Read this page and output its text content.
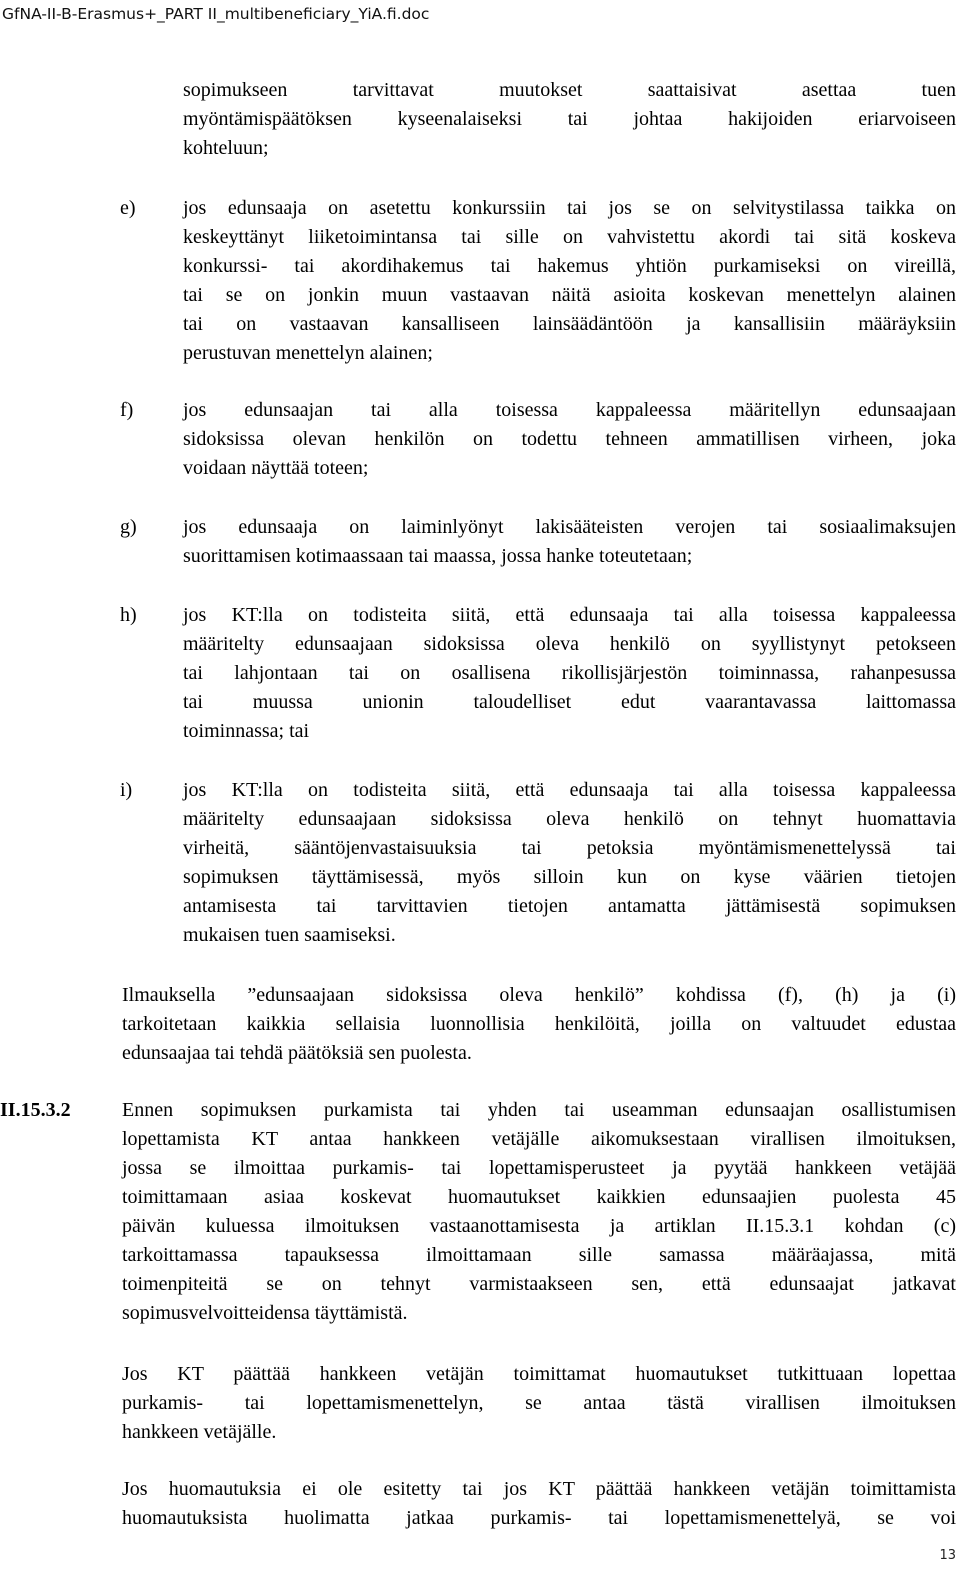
GfNA-II-B-Erasmus+_PART II_multibeneficiary_YiA.fi.doc
sopimukseen tarvittavat muutokset saattaisivat asettaa tuen
myöntämispäätöksen kyseenalaiseksi tai johtaa hakijoiden eriarvoiseen
kohteluun;
e) jos edunsaaja on asetettu konkurssiin tai jos se on selvitystilassa taikka on
keskeyttänyt liiketoimintansa tai sille on vahvistettu akordi tai sitä koskeva
konkurssi- tai akordihakemus tai hakemus yhtiön purkamiseksi on vireillä,
tai se on jonkin muun vastaavan näitä asioita koskevan menettelyn alainen
tai on vastaavan kansalliseen lainsäädäntöön ja kansallisiin määräyksiin
perustuvan menettelyn alainen;
f) jos edunsaajan tai alla toisessa kappaleessa määritellyn edunsaajaan
sidoksissa olevan henkilön on todettu tehneen ammatillisen virheen, joka
voidaan näyttää toteen;
g) jos edunsaaja on laiminlyönyt lakisääteisten verojen tai sosiaalimaksujen
suorittamisen kotimaassaan tai maassa, jossa hanke toteutetaan;
h) jos KT:lla on todisteita siitä, että edunsaaja tai alla toisessa kappaleessa
määritelty edunsaajaan sidoksissa oleva henkilö on syyllistynyt petokseen
tai lahjontaan tai on osallisena rikollisjärjestön toiminnassa, rahanpesussa
tai muussa unionin taloudelliset edut vaarantavassa laittomassa
toiminnassa; tai
i)	jos KT:lla on todisteita siitä, että edunsaaja tai alla toisessa kappaleessa
määritelty edunsaajaan sidoksissa oleva henkilö on tehnyt huomattavia
virheitä, sääntöjenvastaisuuksia tai petoksia myöntämismenettelyssä tai
sopimuksen täyttämisessä, myös silloin kun on kyse väärien tietojen
antamisesta tai tarvittavien tietojen antamatta jättämisestä sopimuksen
mukaisen tuen saamiseksi.
Ilmauksella ”edunsaajaan sidoksissa oleva henkilö” kohdissa (f), (h) ja (i)
tarkoitetaan kaikkia sellaisia luonnollisia henkilöitä, joilla on valtuudet edustaa
edunsaajaa tai tehdä päätöksiä sen puolesta.
II.15.3.2	Ennen sopimuksen purkamista tai yhden tai useamman edunsaajan osallistumisen
lopettamista KT antaa hankkeen vetäjälle aikomuksestaan virallisen ilmoituksen,
jossa se ilmoittaa purkamis- tai lopettamisperusteet ja pyytää hankkeen vetäjää
toimittamaan asiaa koskevat huomautukset kaikkien edunsaajien puolesta 45
päivän kuluessa ilmoituksen vastaanottamisesta ja artiklan II.15.3.1 kohdan (c)
tarkoittamassa tapauksessa ilmoittamaan sille samassa määräajassa, mitä
toimenpiteitä se on tehnyt varmistaakseen sen, että edunsaajat jatkavat
sopimusvelvoitteidensa täyttämistä.
Jos KT päättää hankkeen vetäjän toimittamat huomautukset tutkittuaan lopettaa
purkamis- tai lopettamismenettelyn, se antaa tästä virallisen ilmoituksen
hankkeen vetäjälle.
Jos huomautuksia ei ole esitetty tai jos KT päättää hankkeen vetäjän toimittamista
huomautuksista huolimatta jatkaa purkamis- tai lopettamismenettelyä, se voi
13
